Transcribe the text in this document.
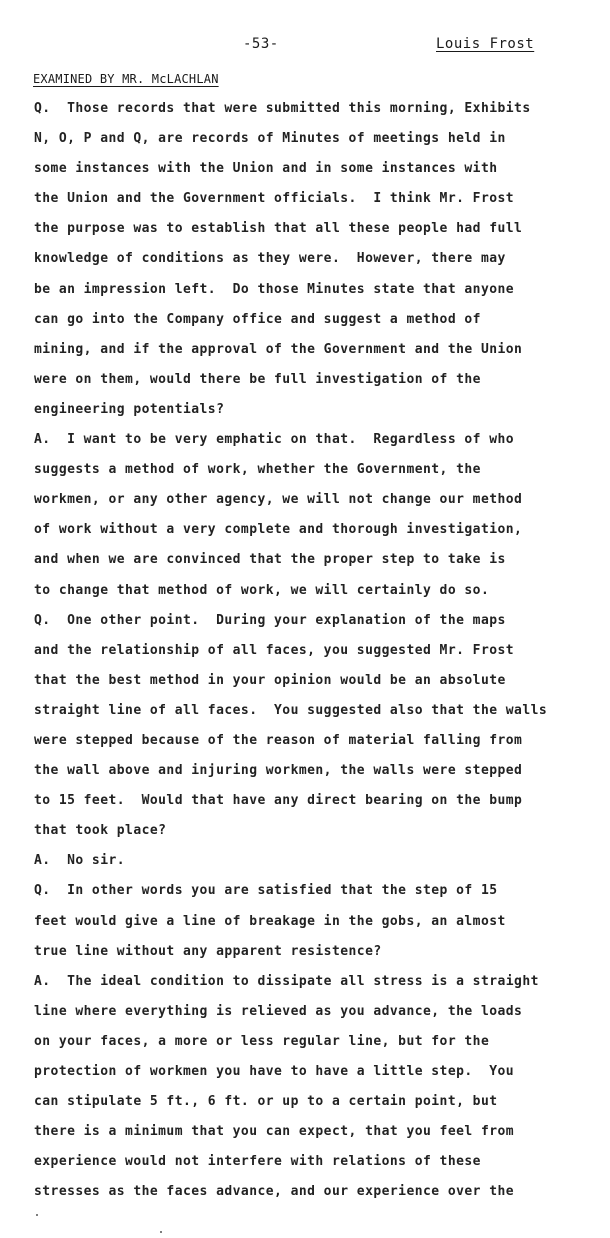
-53-	Louis Frost
EXAMINED BY MR. McLACHLAN
Q.  Those records that were submitted this morning, Exhibits
N, O, P and Q, are records of Minutes of meetings held in
some instances with the Union and in some instances with
the Union and the Government officials.  I think Mr. Frost
the purpose was to establish that all these people had full
knowledge of conditions as they were.  However, there may
be an impression left.  Do those Minutes state that anyone
can go into the Company office and suggest a method of
mining, and if the approval of the Government and the Union
were on them, would there be full investigation of the
engineering potentials?
A.  I want to be very emphatic on that.  Regardless of who
suggests a method of work, whether the Government, the
workmen, or any other agency, we will not change our method
of work without a very complete and thorough investigation,
and when we are convinced that the proper step to take is
to change that method of work, we will certainly do so.
Q.  One other point.  During your explanation of the maps
and the relationship of all faces, you suggested Mr. Frost
that the best method in your opinion would be an absolute
straight line of all faces.  You suggested also that the walls
were stepped because of the reason of material falling from
the wall above and injuring workmen, the walls were stepped
to 15 feet.  Would that have any direct bearing on the bump
that took place?
A.  No sir.
Q.  In other words you are satisfied that the step of 15
feet would give a line of breakage in the gobs, an almost
true line without any apparent resistence?
A.  The ideal condition to dissipate all stress is a straight
line where everything is relieved as you advance, the loads
on your faces, a more or less regular line, but for the
protection of workmen you have to have a little step.  You
can stipulate 5 ft., 6 ft. or up to a certain point, but
there is a minimum that you can expect, that you feel from
experience would not interfere with relations of these
stresses as the faces advance, and our experience over the
